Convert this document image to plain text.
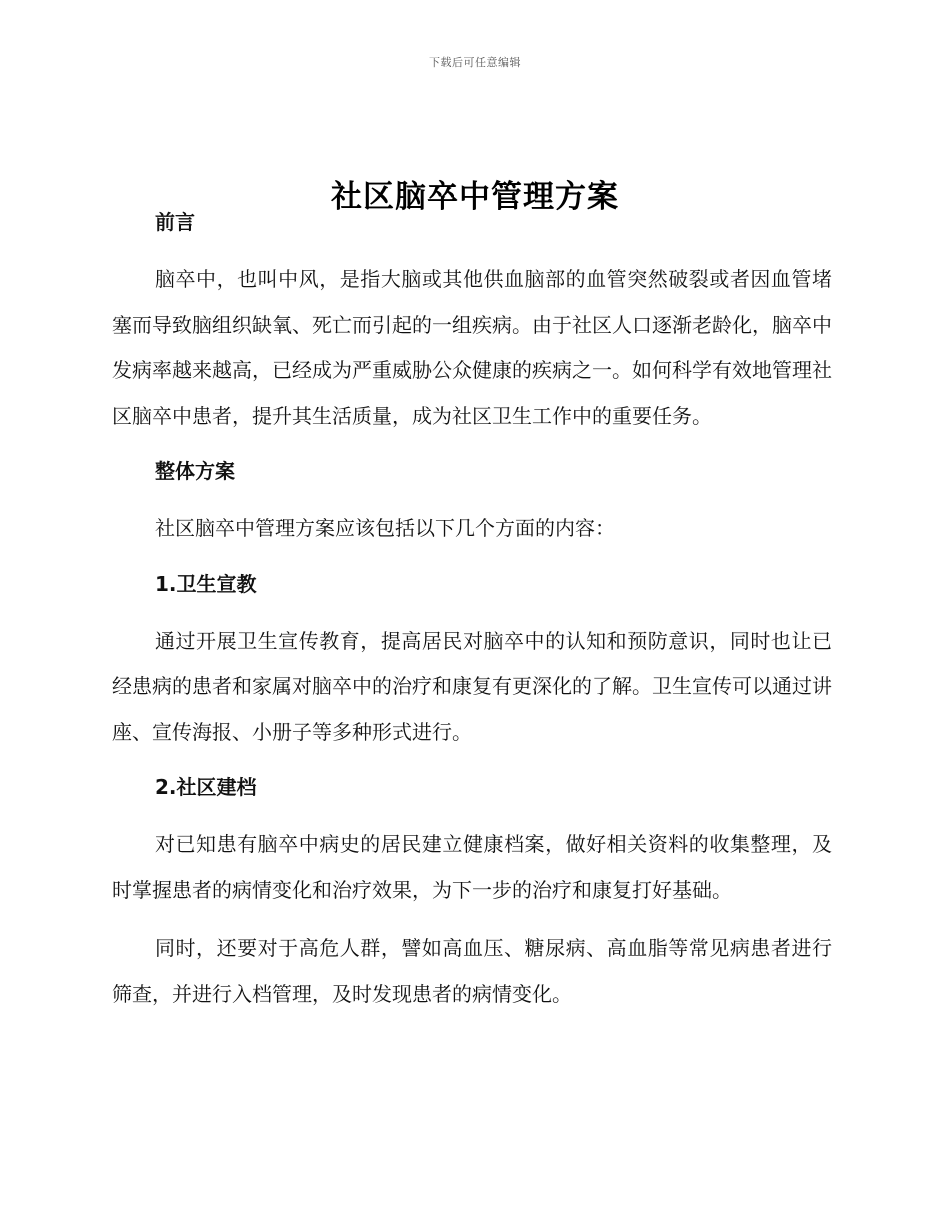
下载后可任意编辑
社区脑卒中管理方案
前言

脑卒中，也叫中风，是指大脑或其他供血脑部的血管突然破裂或者因血管堵塞而导致脑组织缺氧、死亡而引起的一组疾病。由于社区人口逐渐老龄化，脑卒中发病率越来越高，已经成为严重威胁公众健康的疾病之一。如何科学有效地管理社区脑卒中患者，提升其生活质量，成为社区卫生工作中的重要任务。

整体方案

社区脑卒中管理方案应该包括以下几个方面的内容：

1.卫生宣教

通过开展卫生宣传教育，提高居民对脑卒中的认知和预防意识，同时也让已经患病的患者和家属对脑卒中的治疗和康复有更深化的了解。卫生宣传可以通过讲座、宣传海报、小册子等多种形式进行。

2.社区建档

对已知患有脑卒中病史的居民建立健康档案，做好相关资料的收集整理，及时掌握患者的病情变化和治疗效果，为下一步的治疗和康复打好基础。

同时，还要对于高危人群，譬如高血压、糖尿病、高血脂等常见病患者进行筛查，并进行入档管理，及时发现患者的病情变化。
